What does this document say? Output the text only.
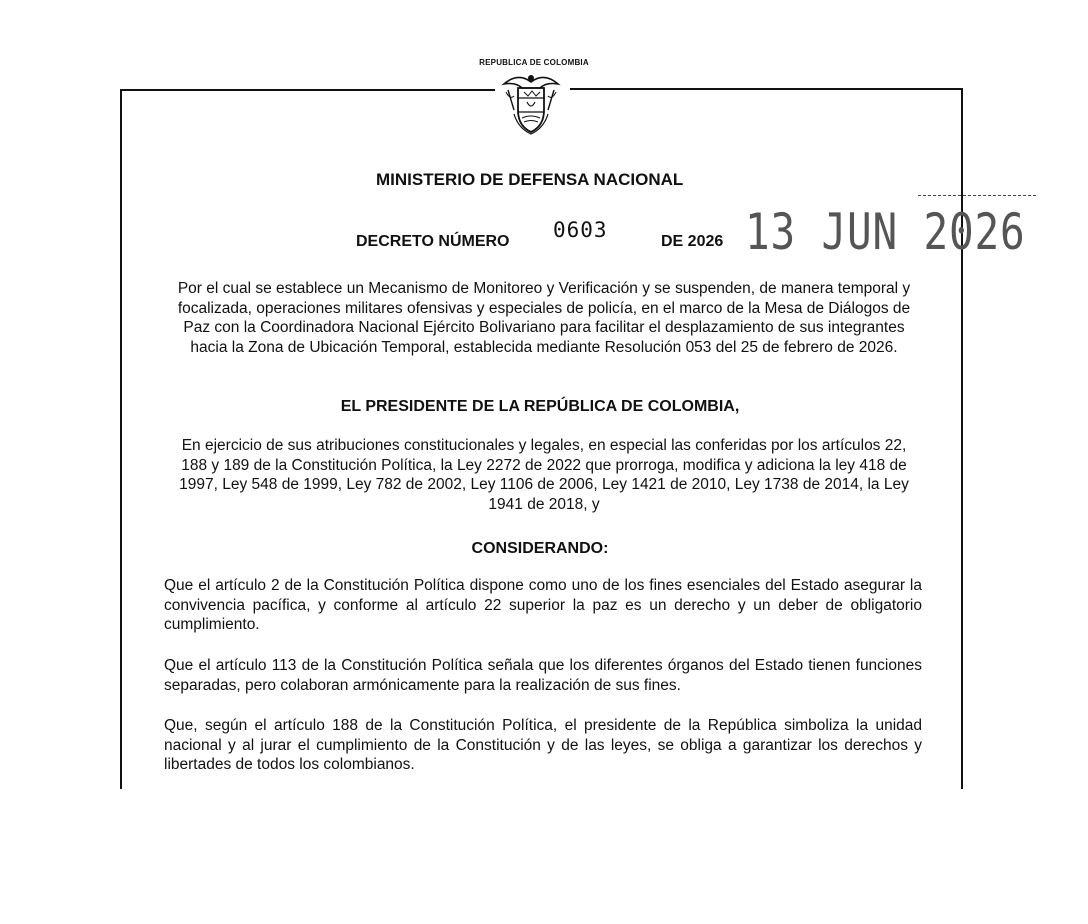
REPUBLICA DE COLOMBIA
MINISTERIO DE DEFENSA NACIONAL
DECRETO NÚMERO 0603	DE 2026 13 JUN 2026
Por el cual se establece un Mecanismo de Monitoreo y Verificación y se suspenden, de manera temporal y focalizada, operaciones militares ofensivas y especiales de policía, en el marco de la Mesa de Diálogos de Paz con la Coordinadora Nacional Ejército Bolivariano para facilitar el desplazamiento de sus integrantes hacia la Zona de Ubicación Temporal, establecida mediante Resolución 053 del 25 de febrero de 2026.
EL PRESIDENTE DE LA REPÚBLICA DE COLOMBIA,
En ejercicio de sus atribuciones constitucionales y legales, en especial las conferidas por los artículos 22, 188 y 189 de la Constitución Política, la Ley 2272 de 2022 que prorroga, modifica y adiciona la ley 418 de 1997, Ley 548 de 1999, Ley 782 de 2002, Ley 1106 de 2006, Ley 1421 de 2010, Ley 1738 de 2014, la Ley 1941 de 2018, y
CONSIDERANDO:
Que el artículo 2 de la Constitución Política dispone como uno de los fines esenciales del Estado asegurar la convivencia pacífica, y conforme al artículo 22 superior la paz es un derecho y un deber de obligatorio cumplimiento.
Que el artículo 113 de la Constitución Política señala que los diferentes órganos del Estado tienen funciones separadas, pero colaboran armónicamente para la realización de sus fines.
Que, según el artículo 188 de la Constitución Política, el presidente de la República simboliza la unidad nacional y al jurar el cumplimiento de la Constitución y de las leyes, se obliga a garantizar los derechos y libertades de todos los colombianos.
